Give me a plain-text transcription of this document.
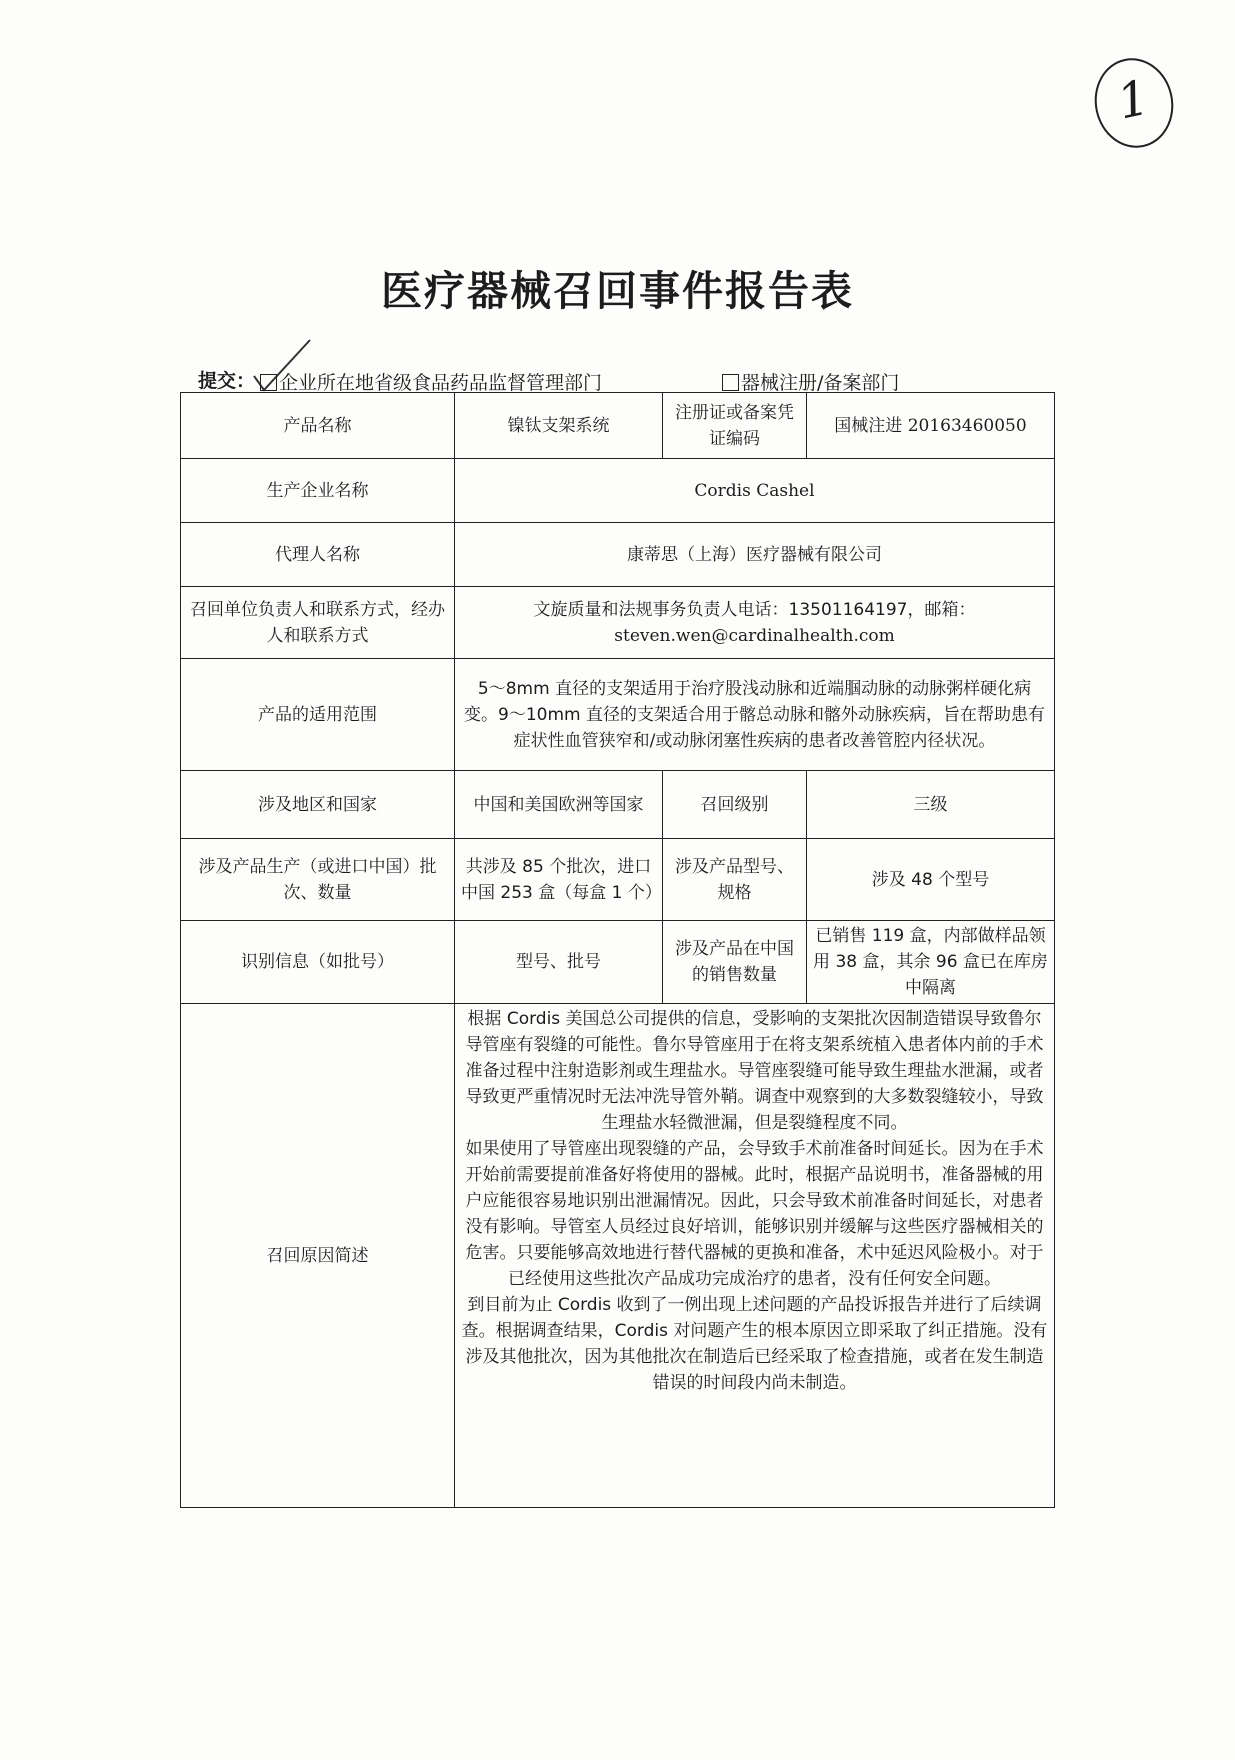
1
医疗器械召回事件报告表
提交：	企业所在地省级食品药品监督管理部门	器械注册/备案部门
产品名称	镍钛支架系统	注册证或备案凭证编码	国械注进 20163460050
生产企业名称	Cordis Cashel		
代理人名称	康蒂思（上海）医疗器械有限公司		
召回单位负责人和联系方式，经办人和联系方式	文旋质量和法规事务负责人电话：13501164197，邮箱：
steven.wen@cardinalhealth.com		

产品的适用范围	5～8mm 直径的支架适用于治疗股浅动脉和近端腘动脉的动脉粥样硬化病变。9～10mm 直径的支架适合用于髂总动脉和髂外动脉疾病，旨在帮助患有症状性血管狭窄和/或动脉闭塞性疾病的患者改善管腔内径状况。		
涉及地区和国家	中国和美国欧洲等国家	召回级别	三级
涉及产品生产（或进口中国）批次、数量	共涉及 85 个批次，进口中国 253 盒（每盒 1 个）	涉及产品型号、规格	涉及 48 个型号
识别信息（如批号）	型号、批号	涉及产品在中国的销售数量	已销售 119 盒，内部做样品领用 38 盒，其余 96 盒已在库房中隔离
召回原因简述	根据 Cordis 美国总公司提供的信息，受影响的支架批次因制造错误导致鲁尔导管座有裂缝的可能性。鲁尔导管座用于在将支架系统植入患者体内前的手术准备过程中注射造影剂或生理盐水。导管座裂缝可能导致生理盐水泄漏，或者导致更严重情况时无法冲洗导管外鞘。调查中观察到的大多数裂缝较小，导致生理盐水轻微泄漏，但是裂缝程度不同。

如果使用了导管座出现裂缝的产品，会导致手术前准备时间延长。因为在手术开始前需要提前准备好将使用的器械。此时，根据产品说明书，准备器械的用户应能很容易地识别出泄漏情况。因此，只会导致术前准备时间延长，对患者没有影响。导管室人员经过良好培训，能够识别并缓解与这些医疗器械相关的危害。只要能够高效地进行替代器械的更换和准备，术中延迟风险极小。对于已经使用这些批次产品成功完成治疗的患者，没有任何安全问题。

到目前为止 Cordis 收到了一例出现上述问题的产品投诉报告并进行了后续调查。根据调查结果，Cordis 对问题产生的根本原因立即采取了纠正措施。没有涉及其他批次，因为其他批次在制造后已经采取了检查措施，或者在发生制造错误的时间段内尚未制造。		
